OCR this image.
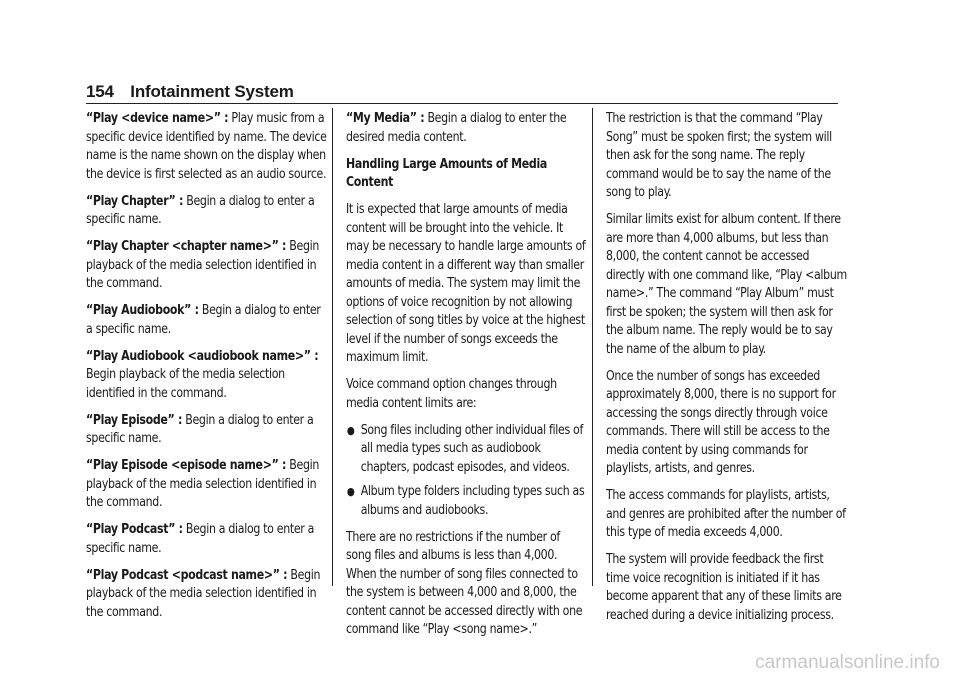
154 Infotainment System

“Play <device name>” : Play music from a specific device identified by name. The device name is the name shown on the display when the device is first selected as an audio source.

“Play Chapter” : Begin a dialog to enter a specific name.

“Play Chapter <chapter name>” : Begin playback of the media selection identified in the command.

“Play Audiobook” : Begin a dialog to enter a specific name.

“Play Audiobook <audiobook name>” : Begin playback of the media selection identified in the command.

“Play Episode” : Begin a dialog to enter a specific name.

“Play Episode <episode name>” : Begin playback of the media selection identified in the command.

“Play Podcast” : Begin a dialog to enter a specific name.

“Play Podcast <podcast name>” : Begin playback of the media selection identified in the command.

“My Media” : Begin a dialog to enter the desired media content.

Handling Large Amounts of Media Content

It is expected that large amounts of media content will be brought into the vehicle. It may be necessary to handle large amounts of media content in a different way than smaller amounts of media. The system may limit the options of voice recognition by not allowing selection of song titles by voice at the highest level if the number of songs exceeds the maximum limit.

Voice command option changes through media content limits are:

● Song files including other individual files of all media types such as audiobook chapters, podcast episodes, and videos.
● Album type folders including types such as albums and audiobooks.

There are no restrictions if the number of song files and albums is less than 4,000. When the number of song files connected to the system is between 4,000 and 8,000, the content cannot be accessed directly with one command like “Play <song name>.”

The restriction is that the command “Play Song” must be spoken first; the system will then ask for the song name. The reply command would be to say the name of the song to play.

Similar limits exist for album content. If there are more than 4,000 albums, but less than 8,000, the content cannot be accessed directly with one command like, “Play <album name>.” The command “Play Album” must first be spoken; the system will then ask for the album name. The reply would be to say the name of the album to play.

Once the number of songs has exceeded approximately 8,000, there is no support for accessing the songs directly through voice commands. There will still be access to the media content by using commands for playlists, artists, and genres.

The access commands for playlists, artists, and genres are prohibited after the number of this type of media exceeds 4,000.

The system will provide feedback the first time voice recognition is initiated if it has become apparent that any of these limits are reached during a device initializing process.

carmanualsonline.info
